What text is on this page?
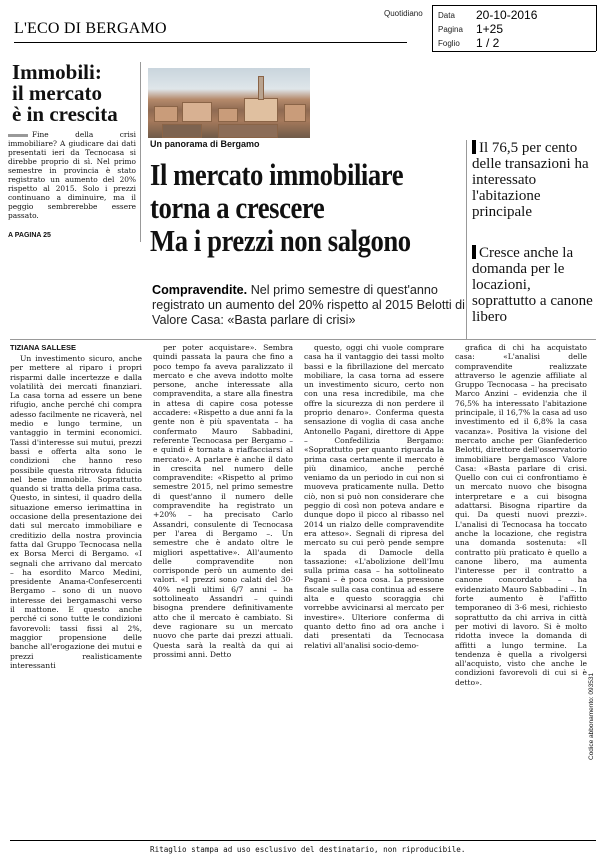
L'ECO DI BERGAMO
Quotidiano Data 20-10-2016
Pagina 1+25
Foglio 1 / 2
Immobili:
il mercato
è in crescita
Fine della crisi immobiliare? A giudicare dai dati presentati ieri da Tecnocasa si direbbe proprio di sì. Nel primo semestre in provincia è stato registrato un aumento del 20% rispetto al 2015. Solo i prezzi continuano a diminuire, ma il peggio sembrerebbe essere passato.
A PAGINA 25
Un panorama di Bergamo
Il mercato immobiliare
torna a crescere
Ma i prezzi non salgono
Il 76,5 per cento delle transazioni ha interessato l'abitazione principale
Cresce anche la domanda per le locazioni, soprattutto a canone libero
Compravendite. Nel primo semestre di quest'anno registrato un aumento del 20% rispetto al 2015 Belotti di Valore Casa: «Basta parlare di crisi»
TIZIANA SALLESE

Un investimento sicuro, anche per mettere al riparo i propri risparmi dalle incertezze e dalla volatilità dei mercati finanziari. La casa torna ad essere un bene rifugio, anche perché chi compra adesso facilmente ne ricaverà, nel medio e lungo termine, un vantaggio in termini economici. Tassi d'interesse sui mutui, prezzi bassi e offerta alta sono le condizioni che hanno reso possibile questa ritrovata fiducia nel bene immobile. Soprattutto quando si tratta della prima casa. Questo, in sintesi, il quadro della situazione emerso ierimattina in occasione della presentazione dei dati sul mercato immobiliare e creditizio della nostra provincia fatta dal Gruppo Tecnocasa nella ex Borsa Merci di Bergamo. «I segnali che arrivano dal mercato – ha esordito Marco Medini, presidente Anama-Confesercenti Bergamo – sono di un nuovo interesse dei bergamaschi verso il mattone. E questo anche perché ci sono tutte le condizioni favorevoli: tassi fissi al 2%, maggior propensione delle banche all'erogazione dei mutui e prezzi realisticamente interessanti

per poter acquistare». Sembra quindi passata la paura che fino a poco tempo fa aveva paralizzato il mercato e che aveva indotto molte persone, anche interessate alla compravendita, a stare alla finestra in attesa di capire cosa potesse accadere: «Rispetto a due anni fa la gente non è più spaventata – ha confermato Mauro Sabbadini, referente Tecnocasa per Bergamo – e quindi è tornata a riaffacciarsi al mercato». A parlare è anche il dato in crescita nel numero delle compravendite: «Rispetto al primo semestre 2015, nel primo semestre di quest'anno il numero delle compravendite ha registrato un +20% – ha precisato Carlo Assandri, consulente di Tecnocasa per l'area di Bergamo –. Un semestre che è andato oltre le migliori aspettative». All'aumento delle compravendite non corrisponde però un aumento dei valori. «I prezzi sono calati del 30-40% negli ultimi 6/7 anni – ha sottolineato Assandri – quindi bisogna prendere definitivamente atto che il mercato è cambiato. Si deve ragionare su un mercato nuovo che parte dai prezzi attuali. Questa sarà la realtà da qui ai prossimi anni. Detto

questo, oggi chi vuole comprare casa ha il vantaggio dei tassi molto bassi e la fibrillazione del mercato mobiliare, la casa torna ad essere un investimento sicuro, certo non con una resa incredibile, ma che offre la sicurezza di non perdere il proprio denaro». Conferma questa sensazione di voglia di casa anche Antonello Pagani, direttore di Appe – Confedilizia Bergamo: «Soprattutto per quanto riguarda la prima casa certamente il mercato è più dinamico, anche perché veniamo da un periodo in cui non si muoveva praticamente nulla. Detto ciò, non si può non considerare che peggio di così non poteva andare e dunque dopo il picco al ribasso nel 2014 un rialzo delle compravendite era atteso». Segnali di ripresa del mercato su cui però pende sempre la spada di Damocle della tassazione: «L'abolizione dell'Imu sulla prima casa – ha sottolineato Pagani – è poca cosa. La pressione fiscale sulla casa continua ad essere alta e questo scoraggia chi vorrebbe avvicinarsi al mercato per investire». Ulteriore conferma di quanto detto fino ad ora anche i dati presentati da Tecnocasa relativi all'analisi socio-demo-

grafica di chi ha acquistato casa: «L'analisi delle compravendite realizzate attraverso le agenzie affiliate al Gruppo Tecnocasa – ha precisato Marco Anzini – evidenzia che il 76,5% ha interessato l'abitazione principale, il 16,7% la casa ad uso investimento ed il 6,8% la casa vacanza». Positiva la visione del mercato anche per Gianfederico Belotti, direttore dell'osservatorio immobiliare bergamasco Valore Casa: «Basta parlare di crisi. Quello con cui ci confrontiamo è un mercato nuovo che bisogna interpretare e a cui bisogna adattarsi. Bisogna ripartire da qui. Da questi nuovi prezzi». L'analisi di Tecnocasa ha toccato anche la locazione, che registra una domanda sostenuta: «Il contratto più praticato è quello a canone libero, ma aumenta l'interesse per il contratto a canone concordato – ha evidenziato Mauro Sabbadini –. In forte aumento è l'affitto temporaneo di 3-6 mesi, richiesto soprattutto da chi arriva in città per motivi di lavoro. Si è molto ridotta invece la domanda di affitti a lungo termine. La tendenza è quella a rivolgersi all'acquisto, visto che anche le condizioni favorevoli di cui si è detto».

Ritaglio stampa ad uso esclusivo del destinatario, non riproducibile.
Codice abbonamento: 093531
